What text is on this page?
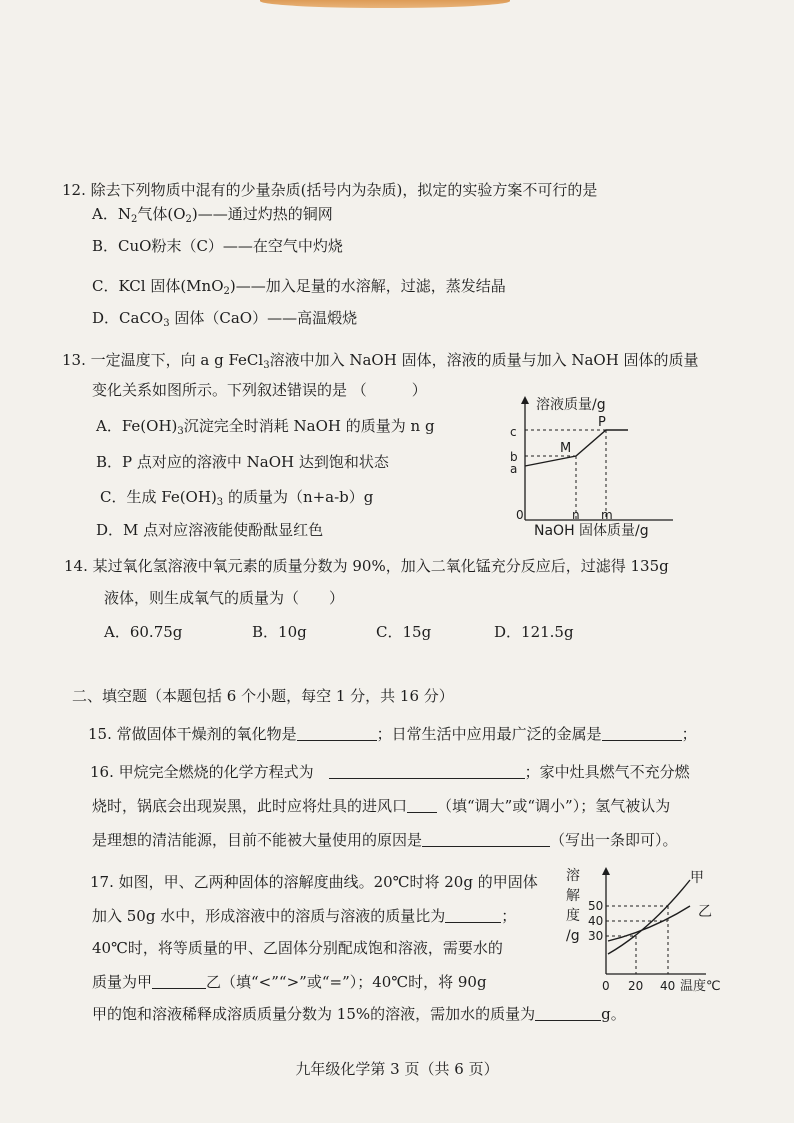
12. 除去下列物质中混有的少量杂质(括号内为杂质)，拟定的实验方案不可行的是
A．$N_2$气体$(O_2)——$通过灼热的铜网
B．CuO粉末（C）——在空气中灼烧
C．KCl 固体(MnO$_2$)——加入足量的水溶解，过滤，蒸发结晶
D．CaCO$_3$ 固体（CaO）——高温煅烧
13. 一定温度下，向 a g FeCl$_3$溶液中加入 NaOH 固体，溶液的质量与加入 NaOH 固体的质量
变化关系如图所示。下列叙述错误的是 （　　　）
A．$Fe(OH)_3$沉淀完全时消耗 NaOH 的质量为 n g
B．P 点对应的溶液中 NaOH 达到饱和状态
C．生成 $Fe(OH)_3$ 的质量为（n+a-b）g
D．M 点对应溶液能使酚酞显红色
溶液质量/g
c
b
a
M
P
0	n m
NaOH 固体质量/g
14. 某过氧化氢溶液中氧元素的质量分数为 90%，加入二氧化锰充分反应后，过滤得 135g
液体，则生成氧气的质量为（　　）
A．60.75g	B．10g	C．15g	D．121.5g
二、填空题（本题包括 6 个小题，每空 1 分，共 16 分）
15. 常做固体干燥剂的氧化物是	；日常生活中应用最广泛的金属是	；
16. 甲烷完全燃烧的化学方程式为　	；家中灶具燃气不充分燃
烧时，锅底会出现炭黑，此时应将灶具的进风口 （填“调大”或“调小”）；氢气被认为
是理想的清洁能源，目前不能被大量使用的原因是	（写出一条即可）。
17. 如图，甲、乙两种固体的溶解度曲线。20℃时将 20g 的甲固体
加入 50g 水中，形成溶液中的溶质与溶液的质量比为	；
40℃时，将等质量的甲、乙固体分别配成饱和溶液，需要水的
质量为甲	乙（填“<”“>”或“=”）；40℃时，将 90g
甲的饱和溶液稀释成溶质质量分数为 15%的溶液，需加水的质量为	g。
溶
解
度
/g
50
40
30
甲
乙
0 20 40 温度℃
九年级化学第 3 页（共 6 页）
